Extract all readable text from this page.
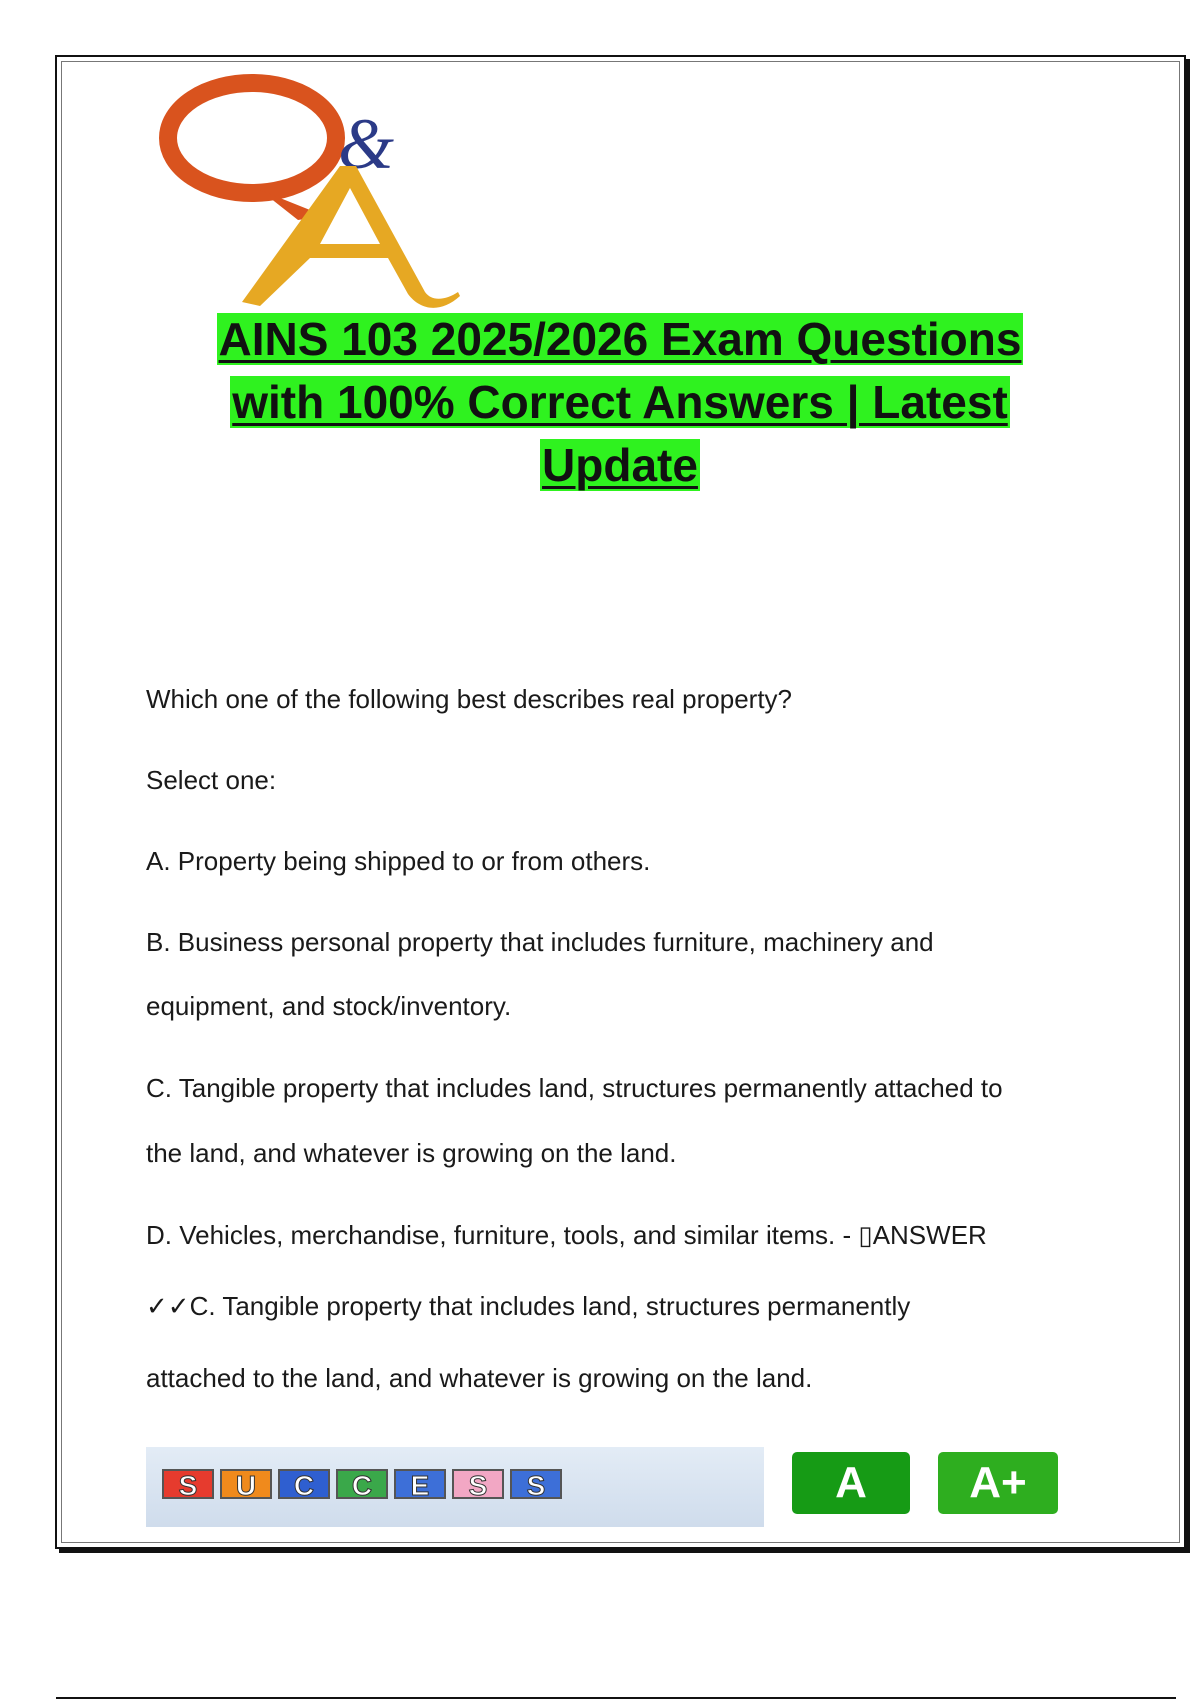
&
AINS 103 2025/2026 Exam Questions
with 100% Correct Answers | Latest
Update
Which one of the following best describes real property?
Select one:
A. Property being shipped to or from others.
B. Business personal property that includes furniture, machinery and
equipment, and stock/inventory.
C. Tangible property that includes land, structures permanently attached to
the land, and whatever is growing on the land.
D. Vehicles, merchandise, furniture, tools, and similar items. - ▯ANSWER
✓✓C. Tangible property that includes land, structures permanently
attached to the land, and whatever is growing on the land.
S	U	C	C	E	S	S	A	A+
